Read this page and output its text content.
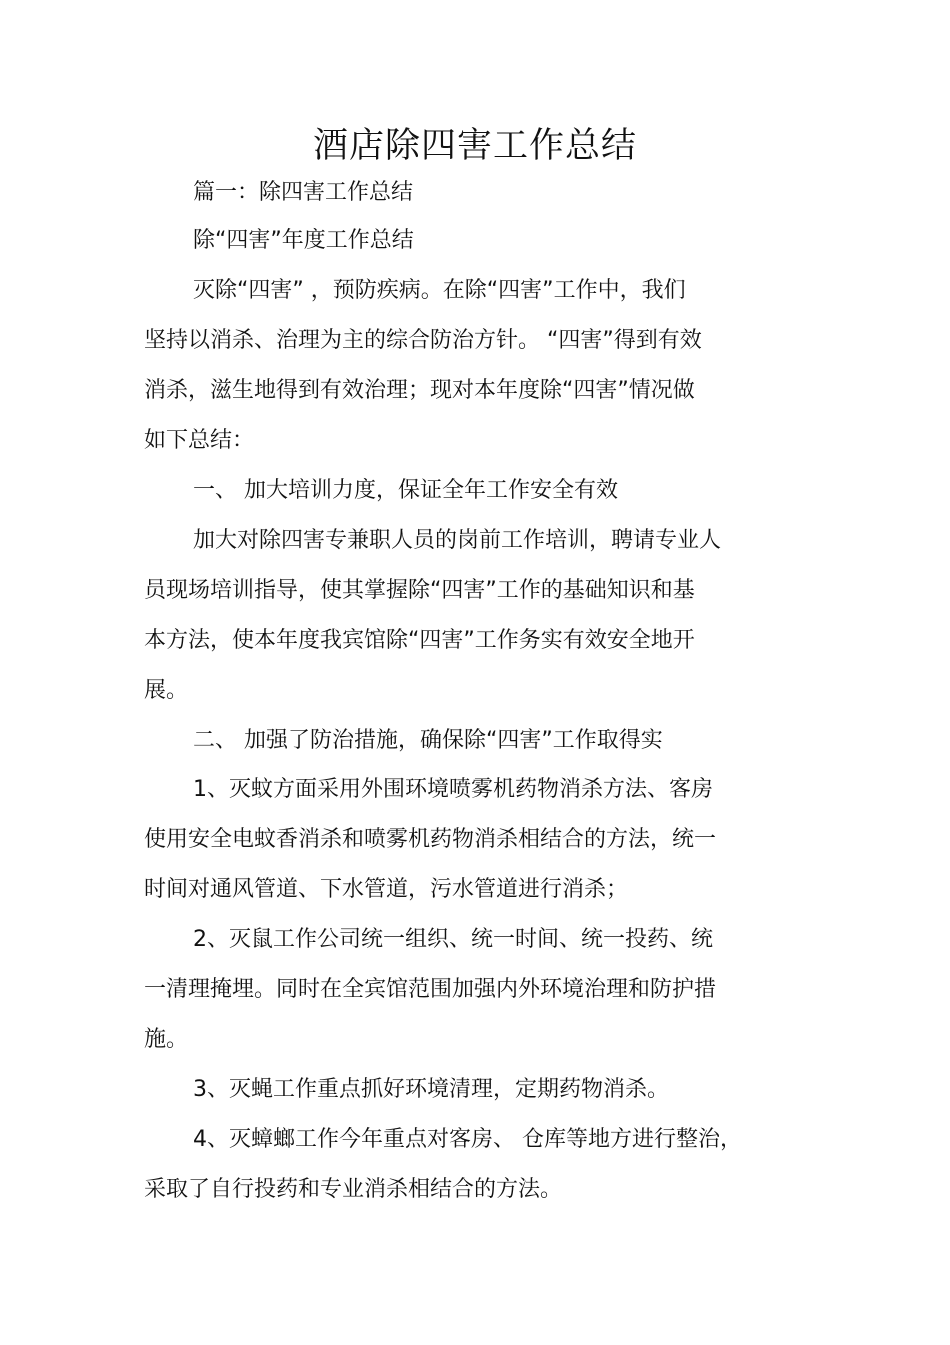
酒店除四害工作总结

篇一：除四害工作总结

除“四害”年度工作总结

灭除“四害” ，预防疾病。在除“四害”工作中，我们

坚持以消杀、治理为主的综合防治方针。 “四害”得到有效

消杀，滋生地得到有效治理；现对本年度除“四害”情况做

如下总结：

一、 加大培训力度，保证全年工作安全有效

加大对除四害专兼职人员的岗前工作培训，聘请专业人

员现场培训指导，使其掌握除“四害”工作的基础知识和基

本方法，使本年度我宾馆除“四害”工作务实有效安全地开

展。

二、 加强了防治措施，确保除“四害”工作取得实

1、灭蚊方面采用外围环境喷雾机药物消杀方法、客房

使用安全电蚊香消杀和喷雾机药物消杀相结合的方法，统一

时间对通风管道、下水管道，污水管道进行消杀；

2、灭鼠工作公司统一组织、统一时间、统一投药、统

一清理掩埋。同时在全宾馆范围加强内外环境治理和防护措

施。

3、灭蝇工作重点抓好环境清理，定期药物消杀。

4、灭蟑螂工作今年重点对客房、 仓库等地方进行整治，

采取了自行投药和专业消杀相结合的方法。
